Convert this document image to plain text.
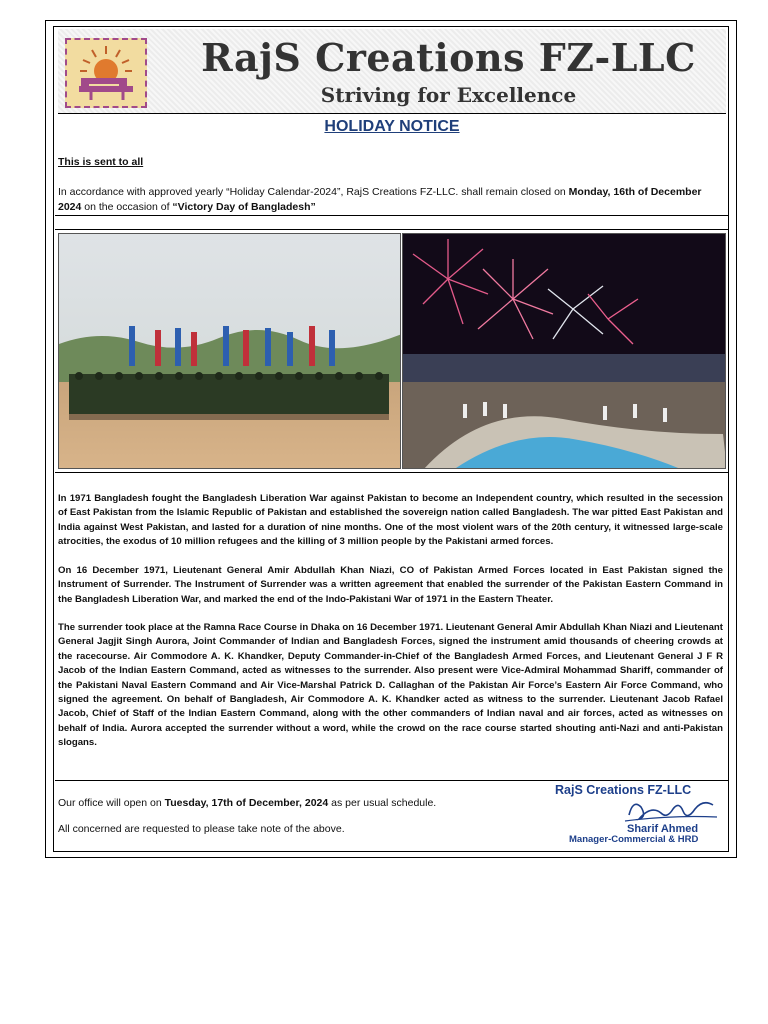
RajS Creations FZ-LLC
Striving for Excellence
HOLIDAY NOTICE
This is sent to all
In accordance with approved yearly “Holiday Calendar-2024”, RajS Creations FZ-LLC. shall remain closed on Monday, 16th of December 2024 on the occasion of “Victory Day of Bangladesh”
In 1971 Bangladesh fought the Bangladesh Liberation War against Pakistan to become an Independent country, which resulted in the secession of East Pakistan from the Islamic Republic of Pakistan and established the sovereign nation called Bangladesh. The war pitted East Pakistan and India against West Pakistan, and lasted for a duration of nine months. One of the most violent wars of the 20th century, it witnessed large-scale atrocities, the exodus of 10 million refugees and the killing of 3 million people by the Pakistani armed forces.
On 16 December 1971, Lieutenant General Amir Abdullah Khan Niazi, CO of Pakistan Armed Forces located in East Pakistan signed the Instrument of Surrender. The Instrument of Surrender was a written agreement that enabled the surrender of the Pakistan Eastern Command in the Bangladesh Liberation War, and marked the end of the Indo-Pakistani War of 1971 in the Eastern Theater.
The surrender took place at the Ramna Race Course in Dhaka on 16 December 1971. Lieutenant General Amir Abdullah Khan Niazi and Lieutenant General Jagjit Singh Aurora, Joint Commander of Indian and Bangladesh Forces, signed the instrument amid thousands of cheering crowds at the racecourse. Air Commodore A. K. Khandker, Deputy Commander-in-Chief of the Bangladesh Armed Forces, and Lieutenant General J F R Jacob of the Indian Eastern Command, acted as witnesses to the surrender. Also present were Vice-Admiral Mohammad Shariff, commander of the Pakistani Naval Eastern Command and Air Vice-Marshal Patrick D. Callaghan of the Pakistan Air Force’s Eastern Air Force Command, who signed the agreement. On behalf of Bangladesh, Air Commodore A. K. Khandker acted as witness to the surrender. Lieutenant Jacob Rafael Jacob, Chief of Staff of the Indian Eastern Command, along with the other commanders of Indian naval and air forces, acted as witnesses on behalf of India. Aurora accepted the surrender without a word, while the crowd on the race course started shouting anti-Nazi and anti-Pakistan slogans.
Our office will open on Tuesday, 17th of December, 2024 as per usual schedule.
All concerned are requested to please take note of the above.
RajS Creations FZ-LLC
Sharif Ahmed
Manager-Commercial & HRD
